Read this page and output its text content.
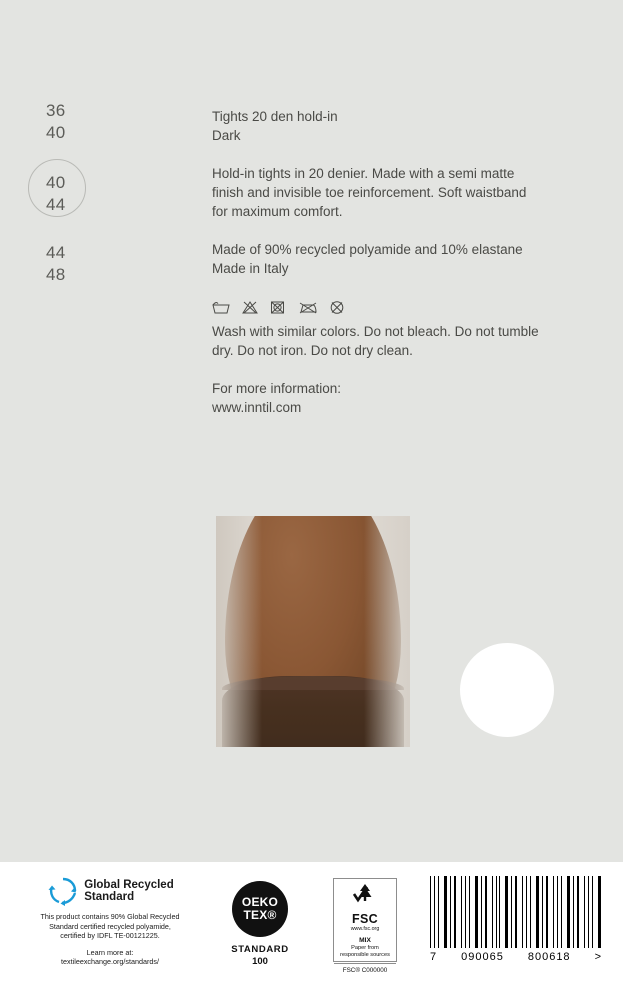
36
40
40
44
44
48

Tights 20 den hold-in
Dark

Hold-in tights in 20 denier. Made with a semi matte
finish and invisible toe reinforcement. Soft waistband
for maximum comfort.

Made of 90% recycled polyamide and 10% elastane
Made in Italy

Wash with similar colors. Do not bleach. Do not tumble
dry. Do not iron. Do not dry clean.

For more information:
www.inntil.com

Global Recycled
Standard
This product contains 90% Global Recycled
Standard certified recycled polyamide,
certified by IDFL TE-00121225.
Learn more at:
textileexchange.org/standards/
OEKO
TEX®
STANDARD
100
FSC
www.fsc.org
MIX
Paper from
responsible sources
FSC® C000000
7 090065 800618 >
